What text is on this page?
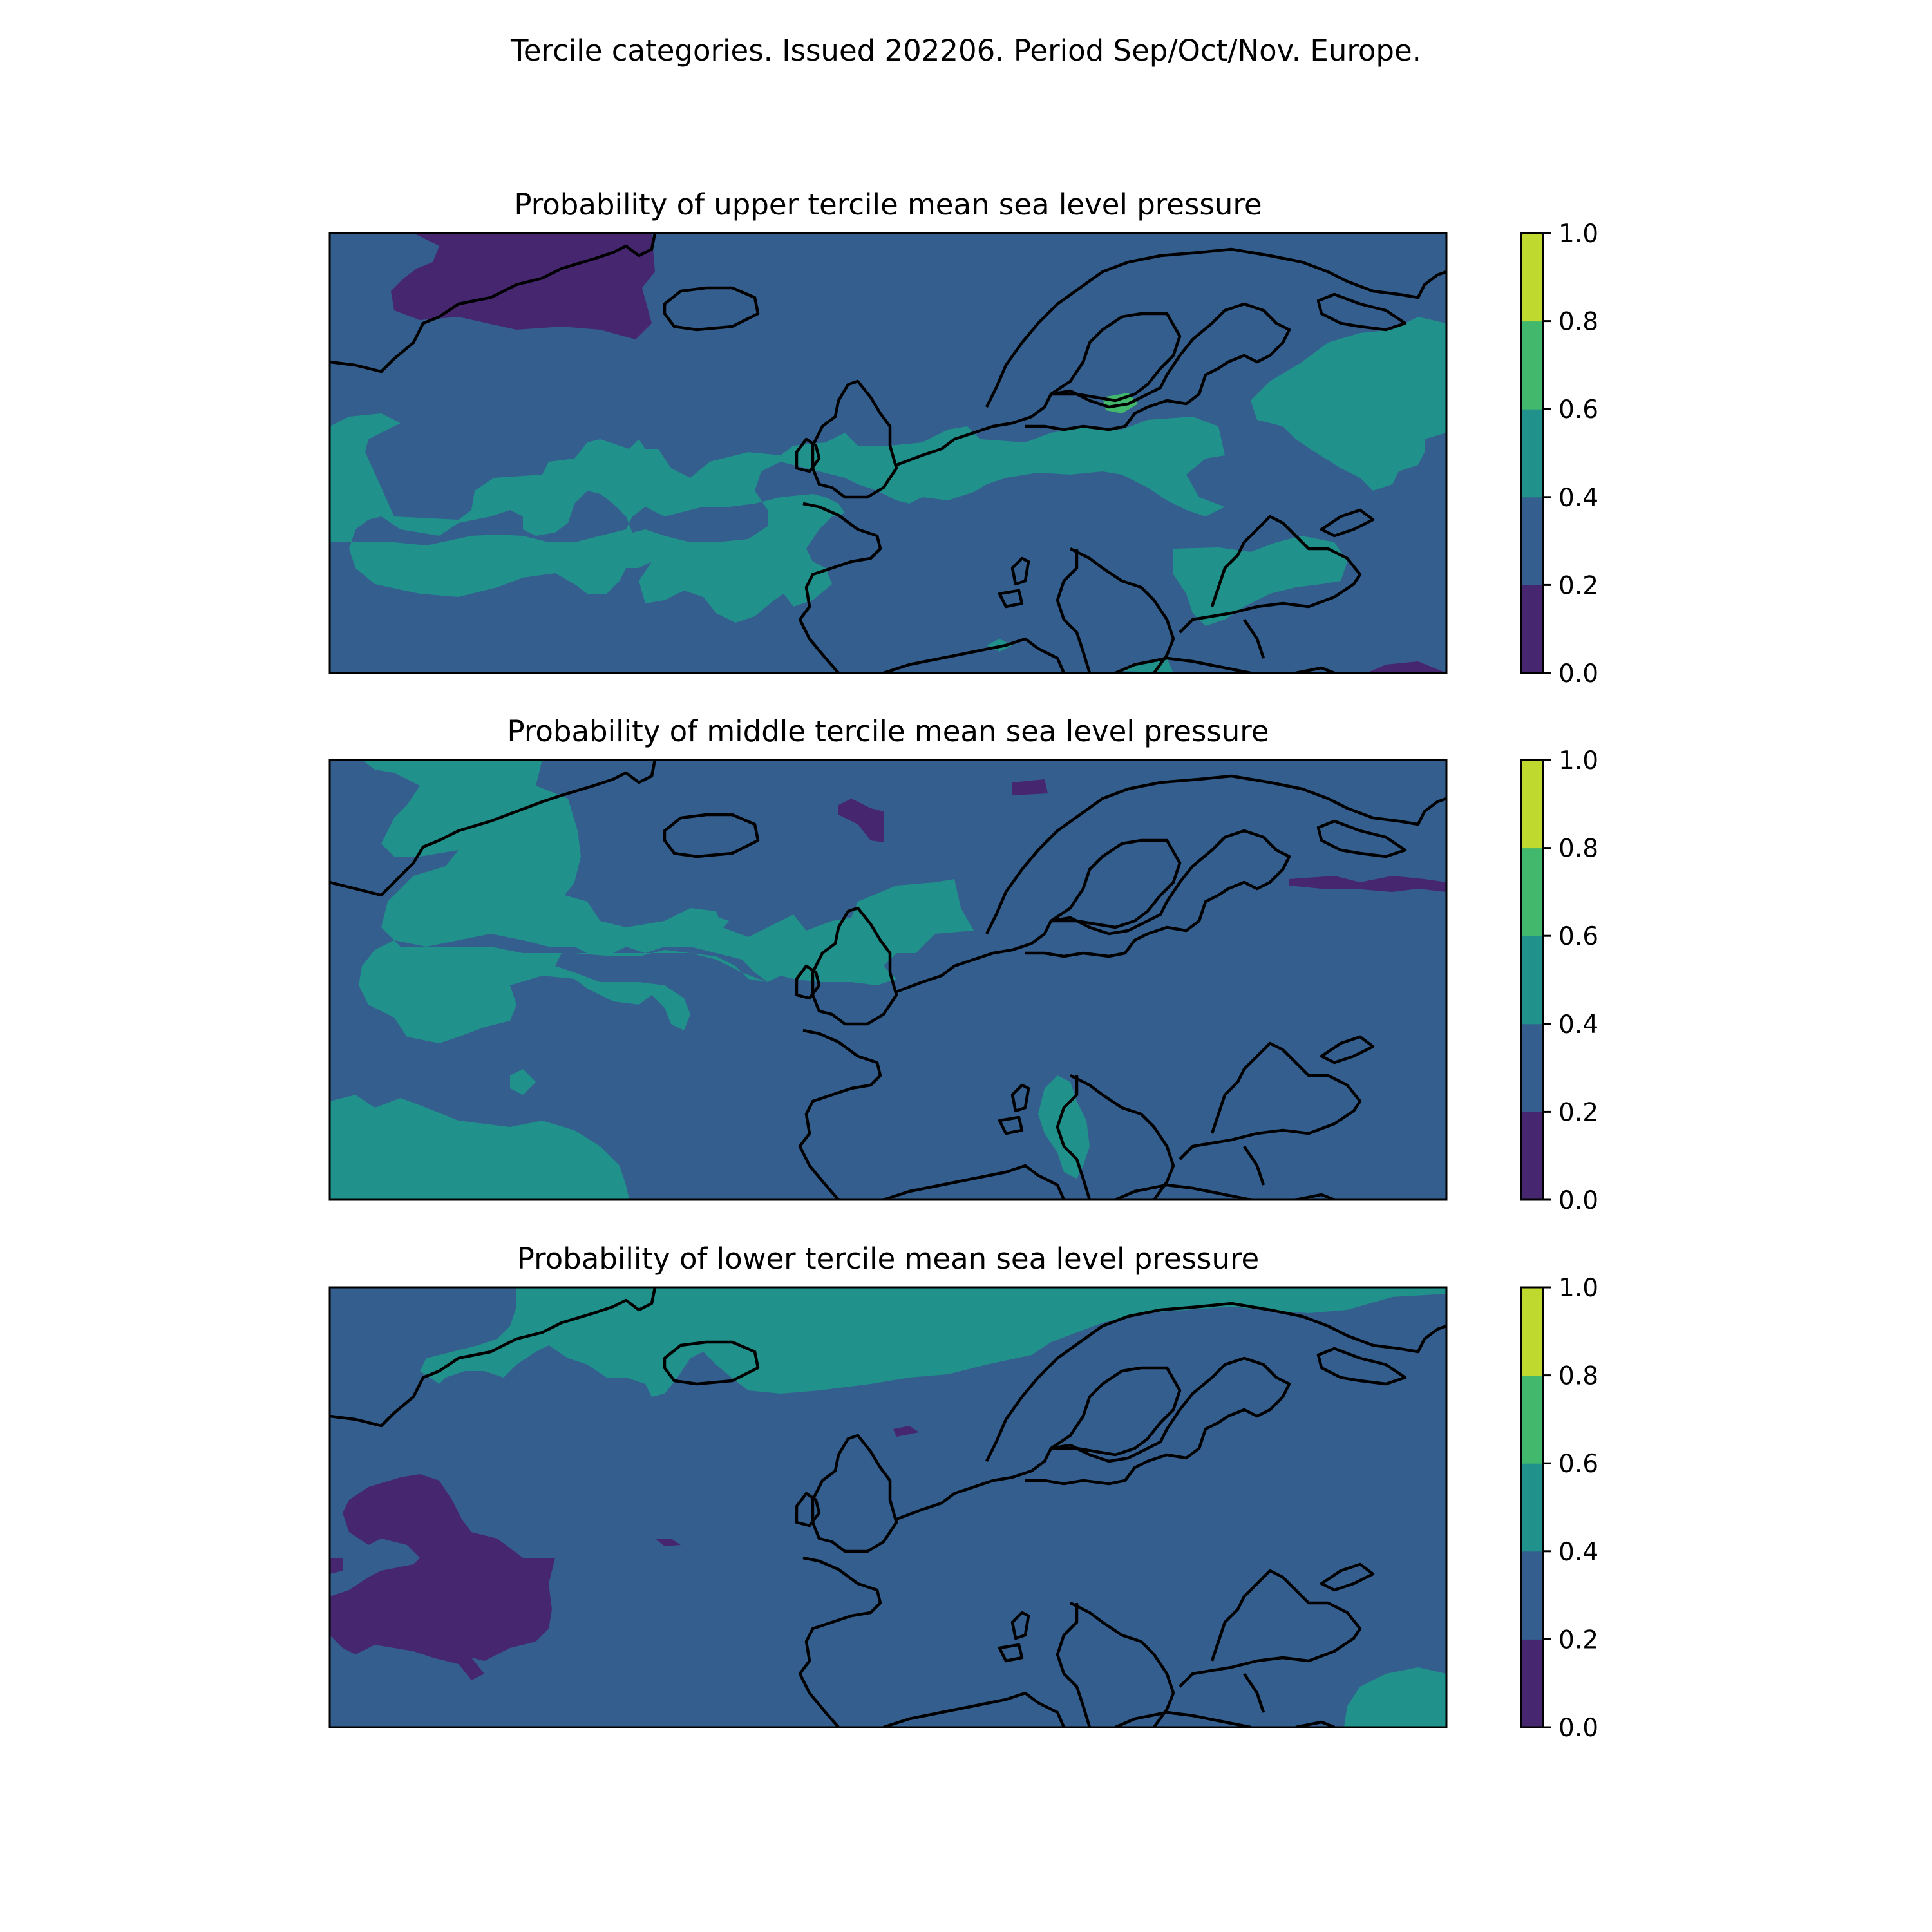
Tercile categories. Issued 202206. Period Sep/Oct/Nov. Europe.
Probability of upper tercile mean sea level pressure
0.0
0.2
0.4
0.6
0.8
1.0
Probability of middle tercile mean sea level pressure
0.0
0.2
0.4
0.6
0.8
1.0
Probability of lower tercile mean sea level pressure
0.0
0.2
0.4
0.6
0.8
1.0
